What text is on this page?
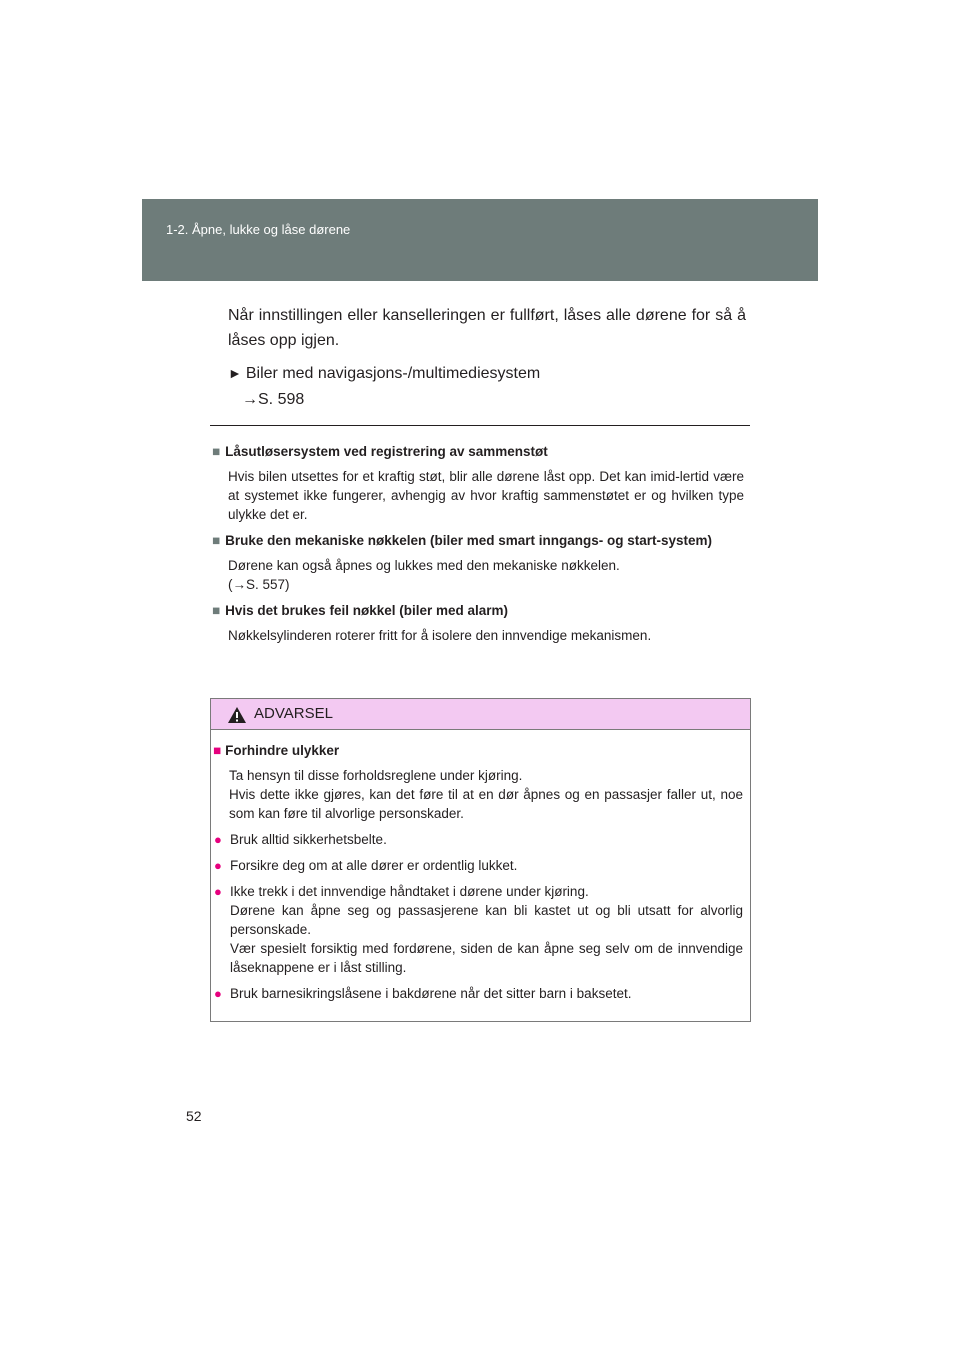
1-2. Åpne, lukke og låse dørene

Når innstillingen eller kanselleringen er fullført, låses alle dørene for så å låses opp igjen.

► Biler med navigasjons-/multimediesystem
→S. 598
■ Låsutløsersystem ved registrering av sammenstøt
Hvis bilen utsettes for et kraftig støt, blir alle dørene låst opp. Det kan imid-lertid være at systemet ikke fungerer, avhengig av hvor kraftig sammenstøtet er og hvilken type ulykke det er.
■ Bruke den mekaniske nøkkelen (biler med smart inngangs- og start-system)
Dørene kan også åpnes og lukkes med den mekaniske nøkkelen.
(→S. 557)
■ Hvis det brukes feil nøkkel (biler med alarm)
Nøkkelsylinderen roterer fritt for å isolere den innvendige mekanismen.
ADVARSEL
■ Forhindre ulykker
Ta hensyn til disse forholdsreglene under kjøring.
Hvis dette ikke gjøres, kan det føre til at en dør åpnes og en passasjer faller ut, noe som kan føre til alvorlige personskader.
● Bruk alltid sikkerhetsbelte.
● Forsikre deg om at alle dører er ordentlig lukket.
● Ikke trekk i det innvendige håndtaket i dørene under kjøring.
Dørene kan åpne seg og passasjerene kan bli kastet ut og bli utsatt for alvorlig personskade.
Vær spesielt forsiktig med fordørene, siden de kan åpne seg selv om de innvendige låseknappene er i låst stilling.
● Bruk barnesikringslåsene i bakdørene når det sitter barn i baksetet.
52
